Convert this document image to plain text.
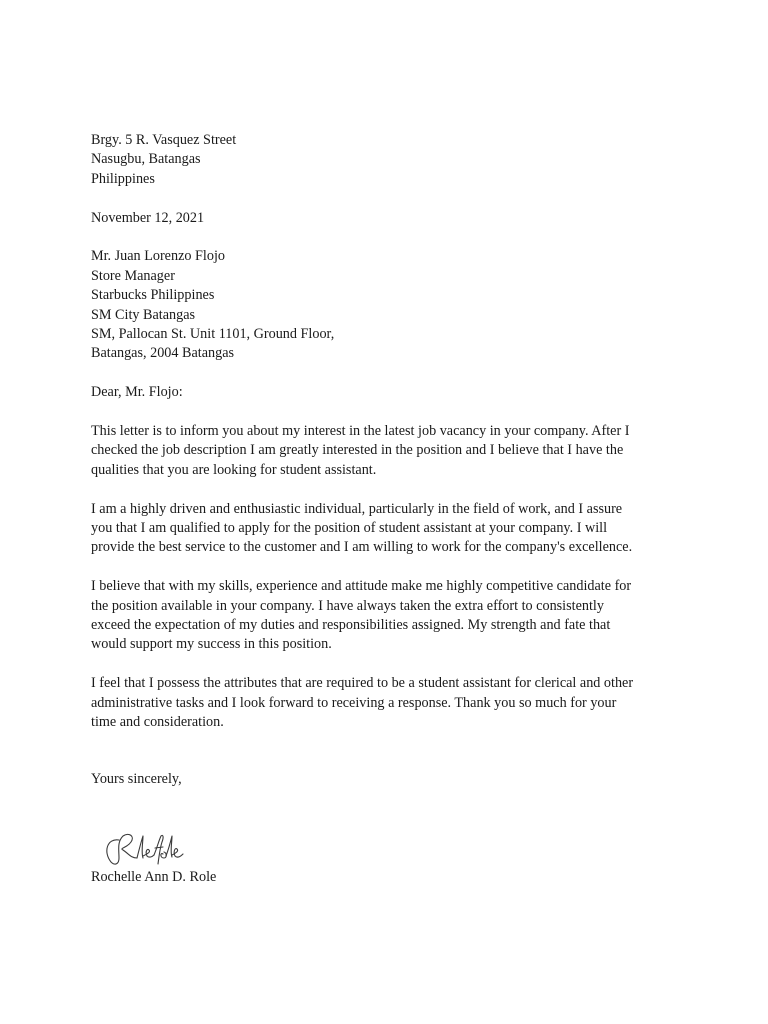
Brgy. 5 R. Vasquez Street
Nasugbu, Batangas
Philippines
November 12, 2021
Mr. Juan Lorenzo Flojo
Store Manager
Starbucks Philippines
SM City Batangas
SM, Pallocan St. Unit 1101, Ground Floor,
Batangas, 2004 Batangas
Dear, Mr. Flojo:
This letter is to inform you about my interest in the latest job vacancy in your company. After I
checked the job description I am greatly interested in the position and I believe that I have the
qualities that you are looking for student assistant.
I am a highly driven and enthusiastic individual, particularly in the field of work, and I assure
you that I am qualified to apply for the position of student assistant at your company. I will
provide the best service to the customer and I am willing to work for the company's excellence.
I believe that with my skills, experience and attitude make me highly competitive candidate for
the position available in your company. I have always taken the extra effort to consistently
exceed the expectation of my duties and responsibilities assigned. My strength and fate that
would support my success in this position.
I feel that I possess the attributes that are required to be a student assistant for clerical and other
administrative tasks and I look forward to receiving a response. Thank you so much for your
time and consideration.
Yours sincerely,
Rochelle Ann D. Role
